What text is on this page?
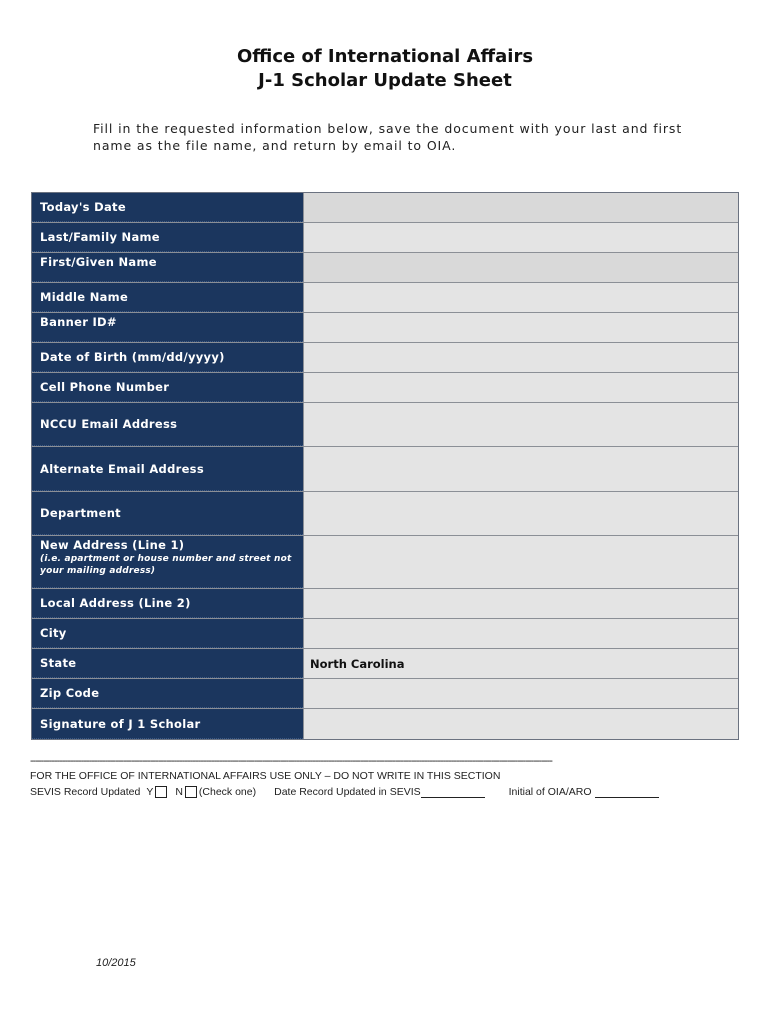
Office of International Affairs
J-1 Scholar Update Sheet
Fill in the requested information below, save the document with your last and first name as the file name, and return by email to OIA.
Today's Date
Last/Family Name
First/Given Name
Middle Name
Banner ID#
Date of Birth (mm/dd/yyyy)
Cell Phone Number
NCCU Email Address
Alternate Email Address
Department
New Address (Line 1)
(i.e. apartment or house number and street not your mailing address)
Local Address (Line 2)
City
State	North Carolina
Zip Code
Signature of J 1 Scholar
----------------------------------------------------------------------------------------------------------------------------------------------------------------------------------------------------
FOR THE OFFICE OF INTERNATIONAL AFFAIRS USE ONLY – DO NOT WRITE IN THIS SECTION
SEVIS Record Updated Y N (Check one) Date Record Updated in SEVIS	Initial of OIA/ARO
10/2015
